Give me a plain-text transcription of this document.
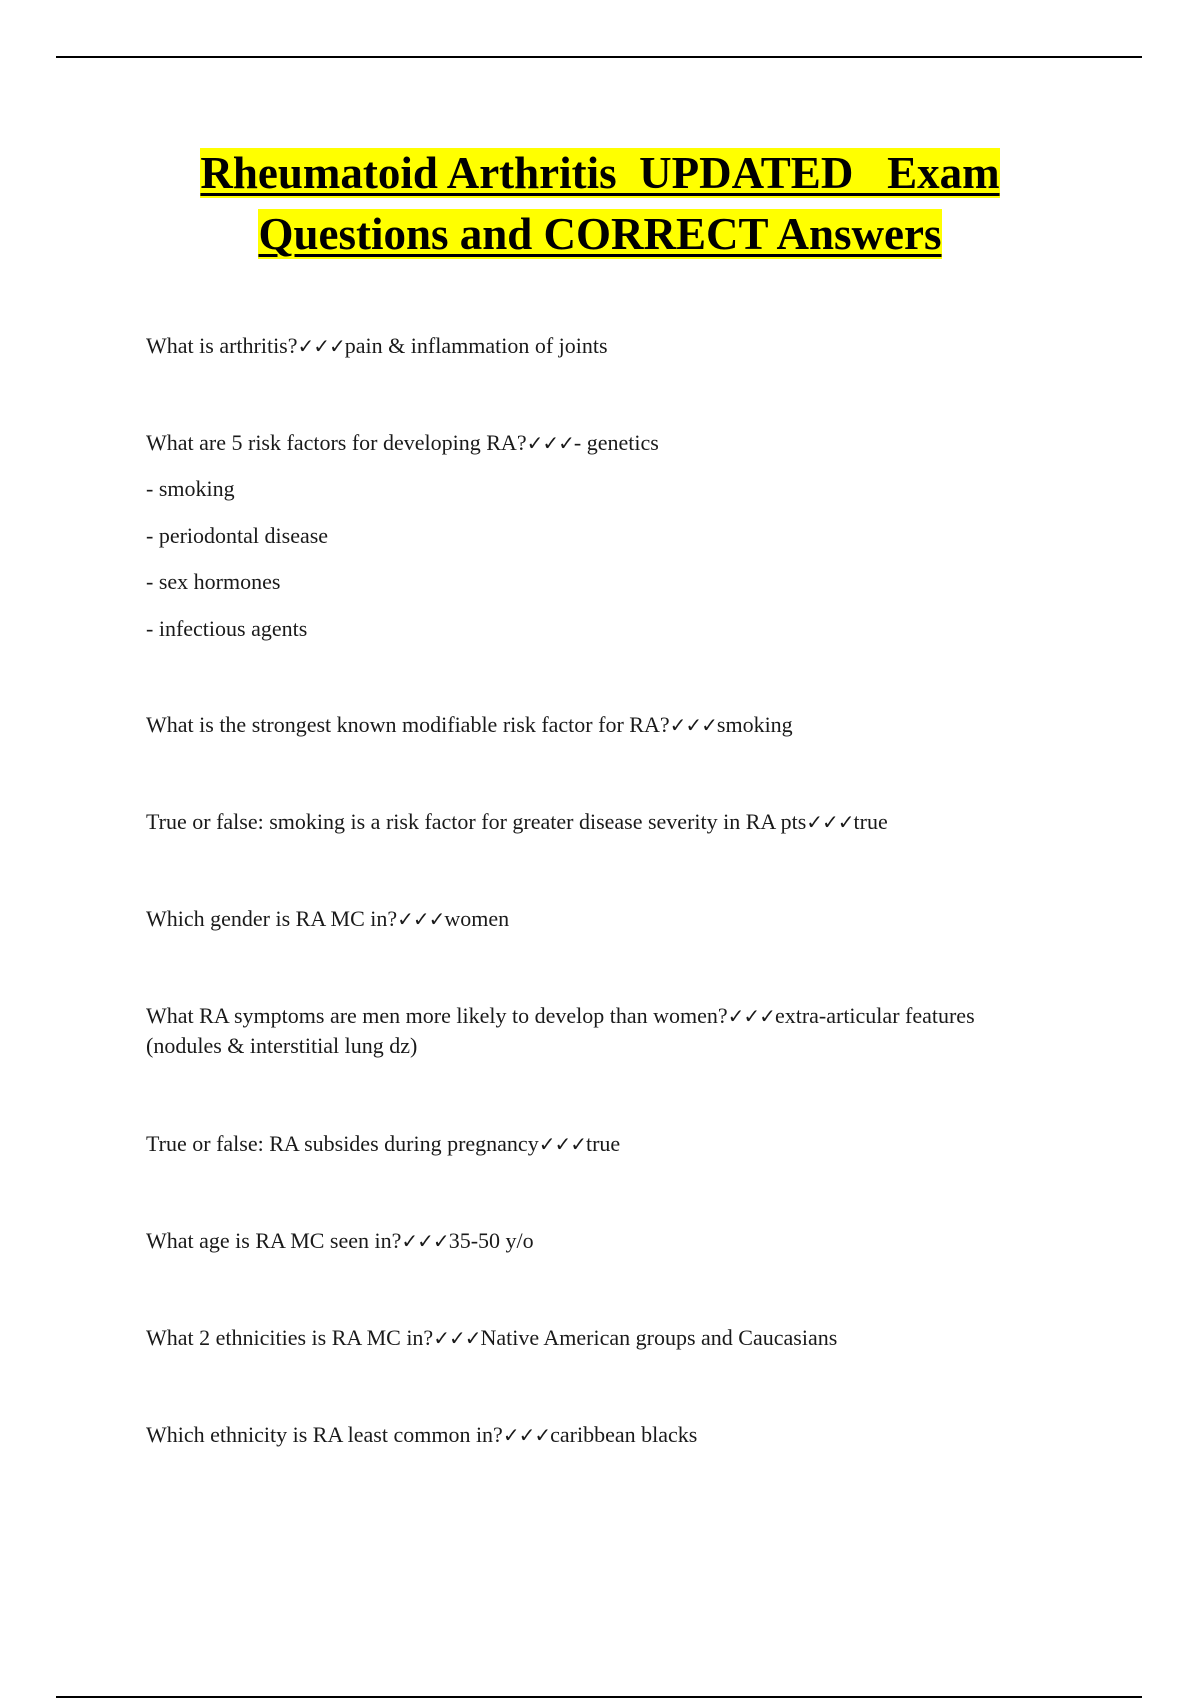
Rheumatoid Arthritis  UPDATED   Exam
Questions and CORRECT Answers

What is arthritis?✓✓✓pain & inflammation of joints

What are 5 risk factors for developing RA?✓✓✓- genetics

- smoking

- periodontal disease

- sex hormones

- infectious agents

What is the strongest known modifiable risk factor for RA?✓✓✓smoking

True or false: smoking is a risk factor for greater disease severity in RA pts✓✓✓true

Which gender is RA MC in?✓✓✓women

What RA symptoms are men more likely to develop than women?✓✓✓extra-articular features (nodules & interstitial lung dz)

True or false: RA subsides during pregnancy✓✓✓true

What age is RA MC seen in?✓✓✓35-50 y/o

What 2 ethnicities is RA MC in?✓✓✓Native American groups and Caucasians

Which ethnicity is RA least common in?✓✓✓caribbean blacks
